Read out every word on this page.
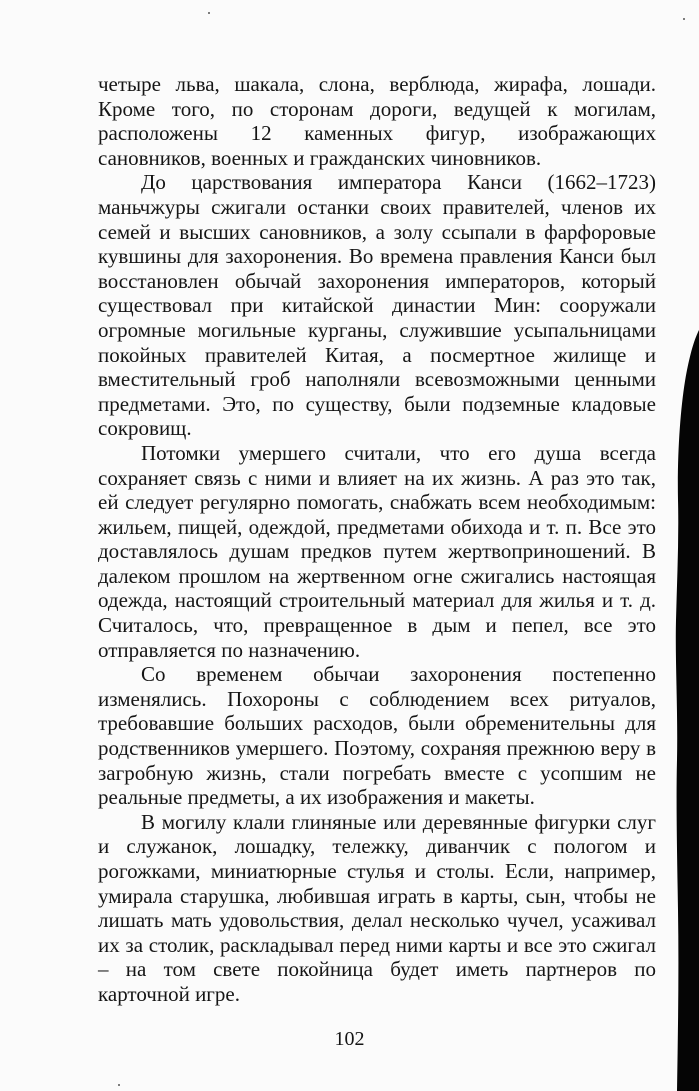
четыре льва, шакала, слона, верблюда, жирафа, лошади. Кроме того, по сторонам дороги, ведущей к могилам, расположены 12 каменных фигур, изображающих сановников, военных и гражданских чиновников.

До царствования императора Канси (1662–1723) маньчжуры сжигали останки своих правителей, членов их семей и высших сановников, а золу ссыпали в фарфоровые кувшины для захоронения. Во времена правления Канси был восстановлен обычай захоронения императоров, который существовал при китайской династии Мин: сооружали огромные могильные курганы, служившие усыпальницами покойных правителей Китая, а посмертное жилище и вместительный гроб наполняли всевозможными ценными предметами. Это, по существу, были подземные кладовые сокровищ.

Потомки умершего считали, что его душа всегда сохраняет связь с ними и влияет на их жизнь. А раз это так, ей следует регулярно помогать, снабжать всем необходимым: жильем, пищей, одеждой, предметами обихода и т. п. Все это доставлялось душам предков путем жертвоприношений. В далеком прошлом на жертвенном огне сжигались настоящая одежда, настоящий строительный материал для жилья и т. д. Считалось, что, превращенное в дым и пепел, все это отправляется по назначению.

Со временем обычаи захоронения постепенно изменялись. Похороны с соблюдением всех ритуалов, требовавшие больших расходов, были обременительны для родственников умершего. Поэтому, сохраняя прежнюю веру в загробную жизнь, стали погребать вместе с усопшим не реальные предметы, а их изображения и макеты.

В могилу клали глиняные или деревянные фигурки слуг и служанок, лошадку, тележку, диванчик с пологом и рогожками, миниатюрные стулья и столы. Если, например, умирала старушка, любившая играть в карты, сын, чтобы не лишать мать удовольствия, делал несколько чучел, усаживал их за столик, раскладывал перед ними карты и все это сжигал – на том свете покойница будет иметь партнеров по карточной игре.

102
